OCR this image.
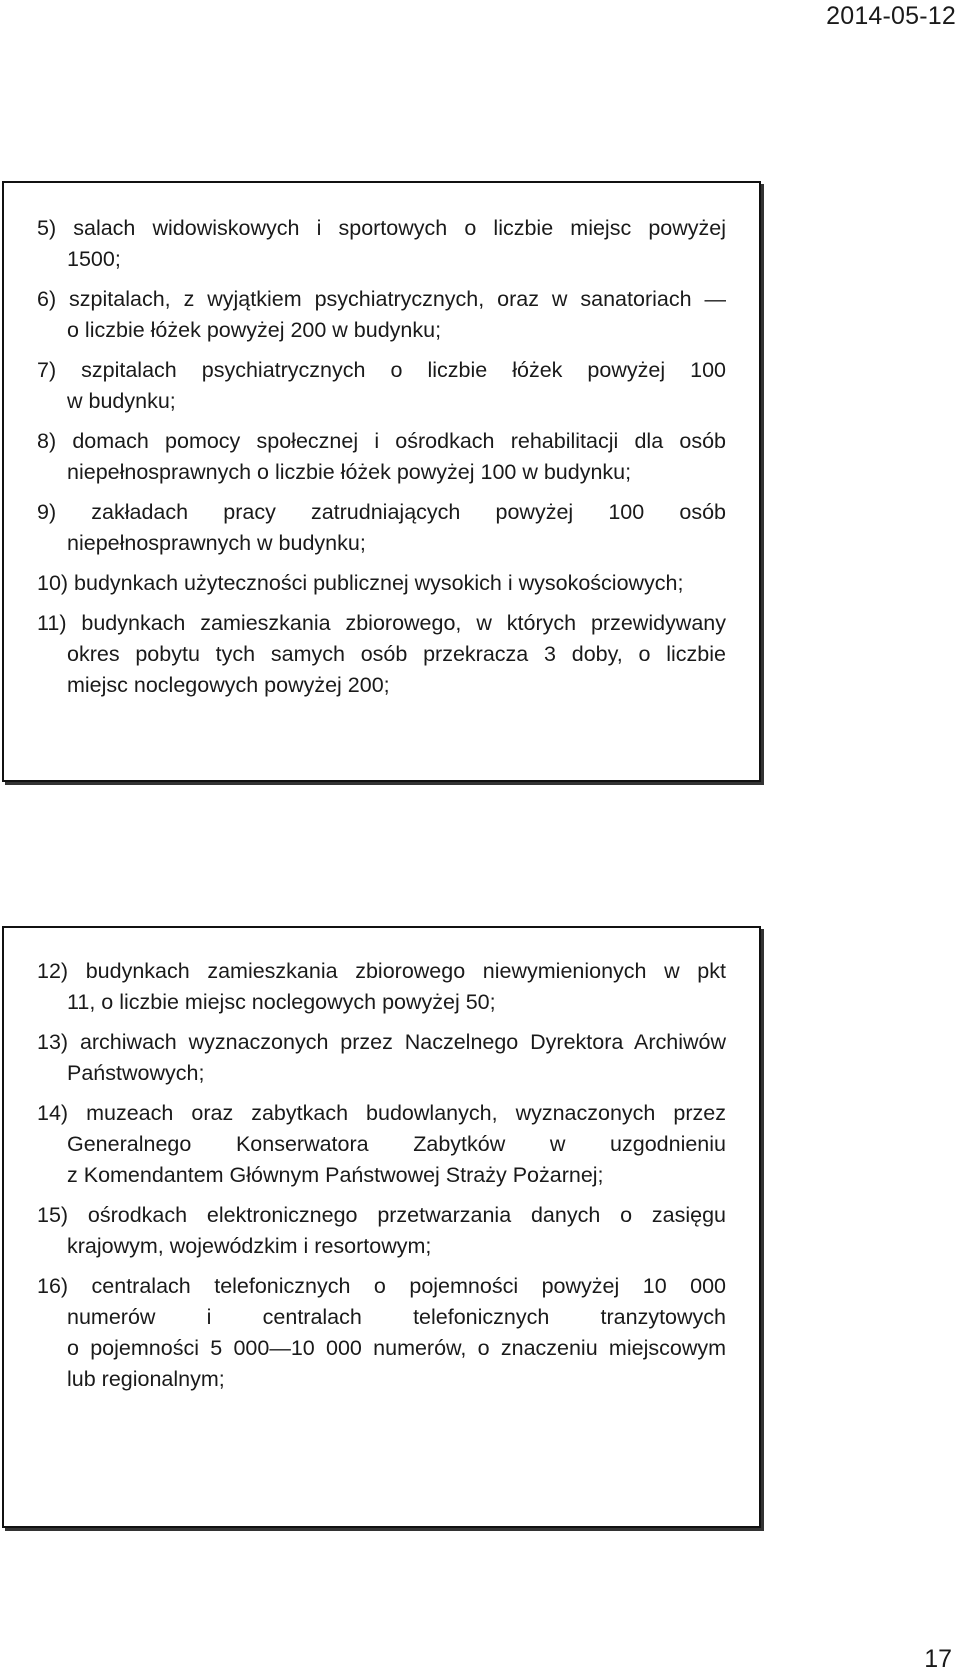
2014-05-12
5) salach widowiskowych i sportowych o liczbie miejsc powyżej
1500;
6) szpitalach, z wyjątkiem psychiatrycznych, oraz w sanatoriach —
o liczbie łóżek powyżej 200 w budynku;
7) szpitalach psychiatrycznych o liczbie łóżek powyżej 100
w budynku;
8) domach pomocy społecznej i ośrodkach rehabilitacji dla osób
niepełnosprawnych o liczbie łóżek powyżej 100 w budynku;
9) zakładach pracy zatrudniających powyżej 100 osób
niepełnosprawnych w budynku;
10) budynkach użyteczności publicznej wysokich i wysokościowych;
11) budynkach zamieszkania zbiorowego, w których przewidywany
okres pobytu tych samych osób przekracza 3 doby, o liczbie
miejsc noclegowych powyżej 200;
12) budynkach zamieszkania zbiorowego niewymienionych w pkt
11, o liczbie miejsc noclegowych powyżej 50;
13) archiwach wyznaczonych przez Naczelnego Dyrektora Archiwów
Państwowych;
14) muzeach oraz zabytkach budowlanych, wyznaczonych przez
Generalnego Konserwatora Zabytków w uzgodnieniu
z Komendantem Głównym Państwowej Straży Pożarnej;
15) ośrodkach elektronicznego przetwarzania danych o zasięgu
krajowym, wojewódzkim i resortowym;
16) centralach telefonicznych o pojemności powyżej 10 000
numerów i centralach telefonicznych tranzytowych
o pojemności 5 000—10 000 numerów, o znaczeniu miejscowym
lub regionalnym;
17
